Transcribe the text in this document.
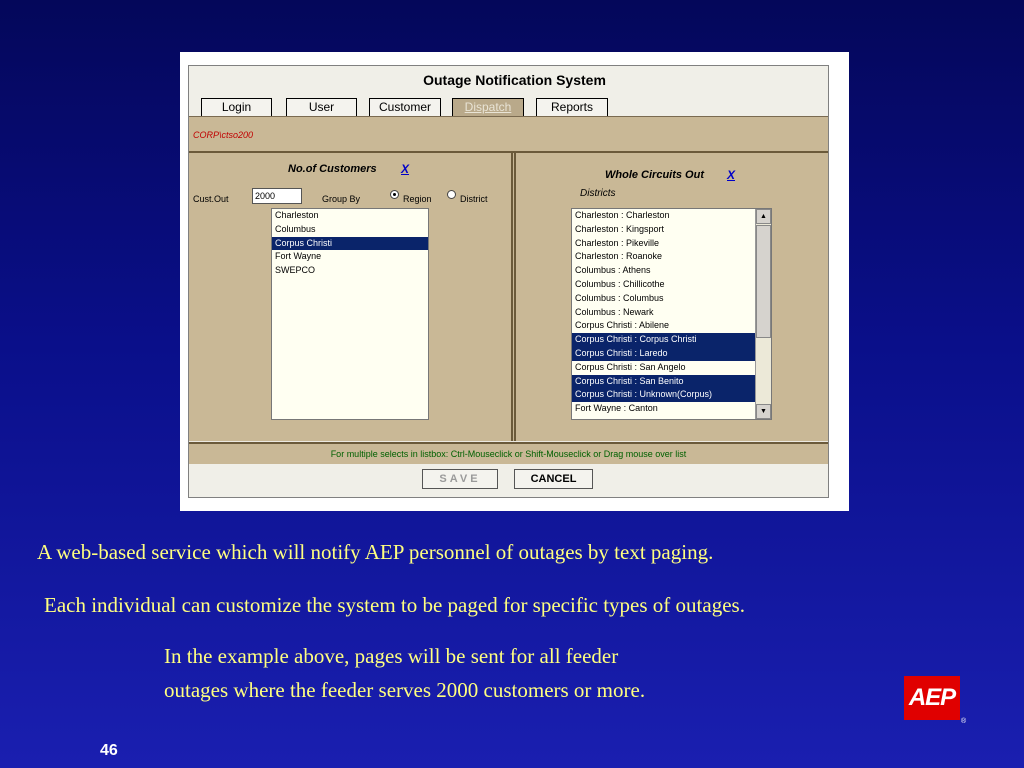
Outage Notification System
Login	User	Customer	Dispatch	Reports
CORP\ctso200
No.of Customers X
Cust.Out
2000	Group By	Region	District
Charleston
Columbus
Corpus Christi
Fort Wayne
SWEPCO
Whole Circuits Out X
Districts
Charleston : Charleston
Charleston : Kingsport
Charleston : Pikeville
Charleston : Roanoke
Columbus : Athens
Columbus : Chillicothe
Columbus : Columbus
Columbus : Newark
Corpus Christi : Abilene
Corpus Christi : Corpus Christi
Corpus Christi : Laredo
Corpus Christi : San Angelo
Corpus Christi : San Benito
Corpus Christi : Unknown(Corpus)
Fort Wayne : Canton
▲
▼
For multiple selects in listbox: Ctrl-Mouseclick or Shift-Mouseclick or Drag mouse over list
SAVE	CANCEL
A web-based service which will notify AEP personnel of outages by text paging.
Each individual can customize the system to be paged for specific types of outages.
In the example above, pages will be sent for all feeder
outages where the feeder serves 2000 customers or more.
46
AEP
®
